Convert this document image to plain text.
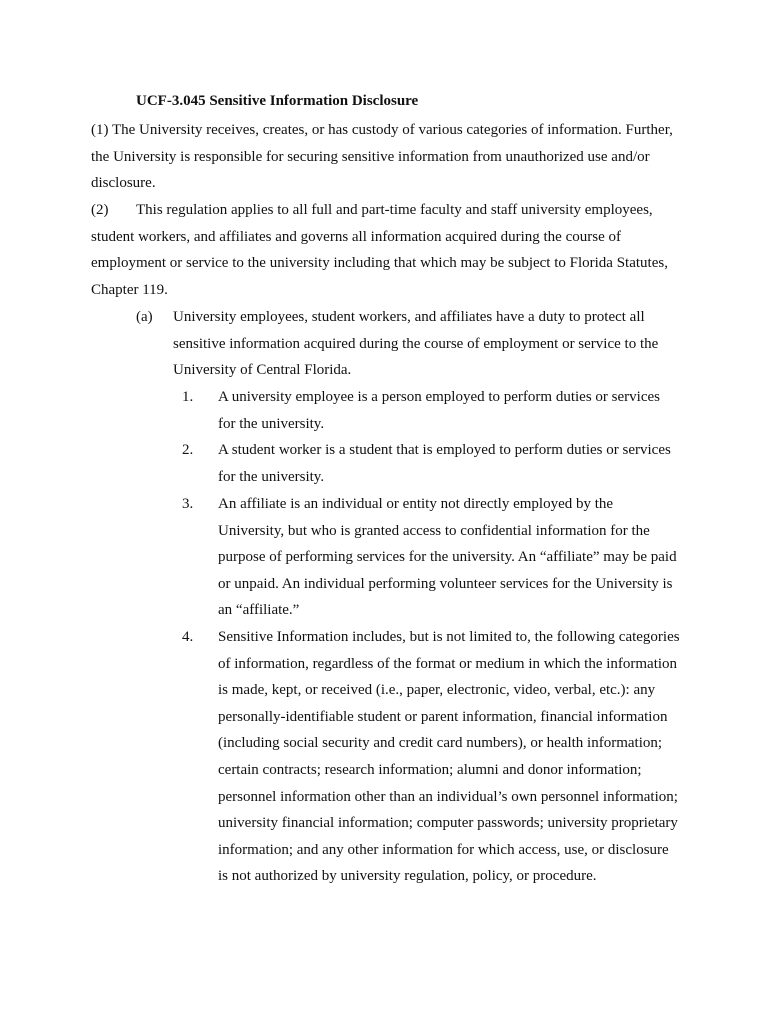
UCF-3.045 Sensitive Information Disclosure

(1) The University receives, creates, or has custody of various categories of information. Further, the University is responsible for securing sensitive information from unauthorized use and/or disclosure.

(2) This regulation applies to all full and part-time faculty and staff university employees, student workers, and affiliates and governs all information acquired during the course of employment or service to the university including that which may be subject to Florida Statutes, Chapter 119.

(a) University employees, student workers, and affiliates have a duty to protect all sensitive information acquired during the course of employment or service to the University of Central Florida.
1. A university employee is a person employed to perform duties or services for the university.
2. A student worker is a student that is employed to perform duties or services for the university.
3. An affiliate is an individual or entity not directly employed by the University, but who is granted access to confidential information for the purpose of performing services for the university. An “affiliate” may be paid or unpaid. An individual performing volunteer services for the University is an “affiliate.”
4. Sensitive Information includes, but is not limited to, the following categories of information, regardless of the format or medium in which the information is made, kept, or received (i.e., paper, electronic, video, verbal, etc.): any personally-identifiable student or parent information, financial information (including social security and credit card numbers), or health information; certain contracts; research information; alumni and donor information; personnel information other than an individual’s own personnel information; university financial information; computer passwords; university proprietary information; and any other information for which access, use, or disclosure is not authorized by university regulation, policy, or procedure.
